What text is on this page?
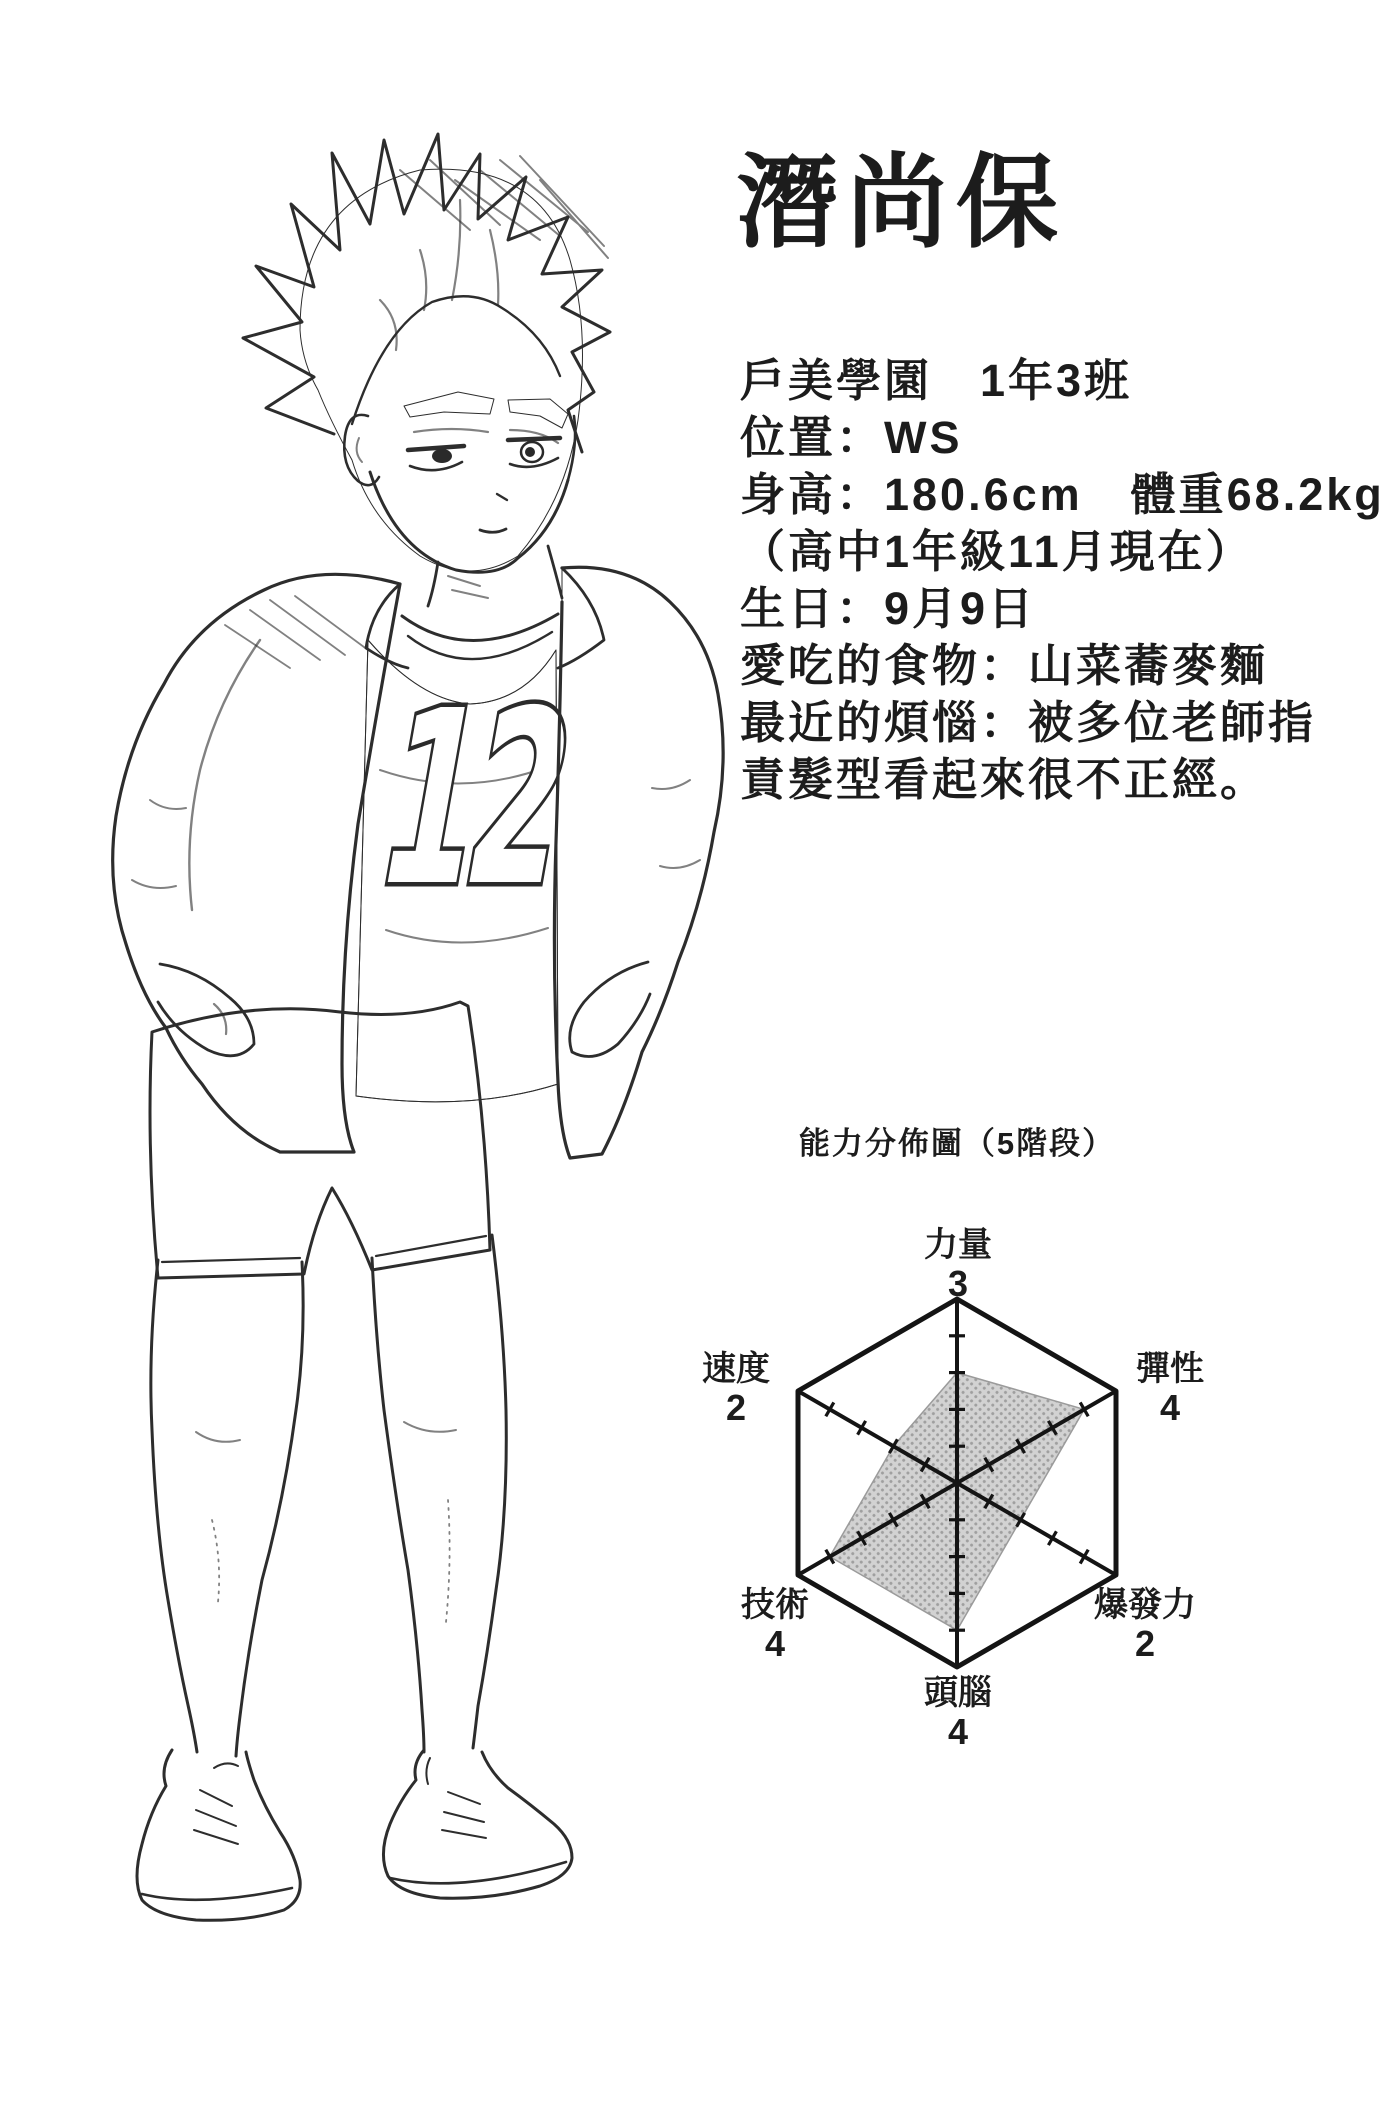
12
潛尚保
戶美學園　1年3班
位置：WS
身高：180.6cm　體重68.2kg
（高中1年級11月現在）
生日：9月9日
愛吃的食物：山菜蕎麥麵
最近的煩惱：被多位老師指
責髮型看起來很不正經。
能力分佈圖（5階段）
力量
3
彈性
4
爆發力
2
頭腦
4
技術
4
速度
2
